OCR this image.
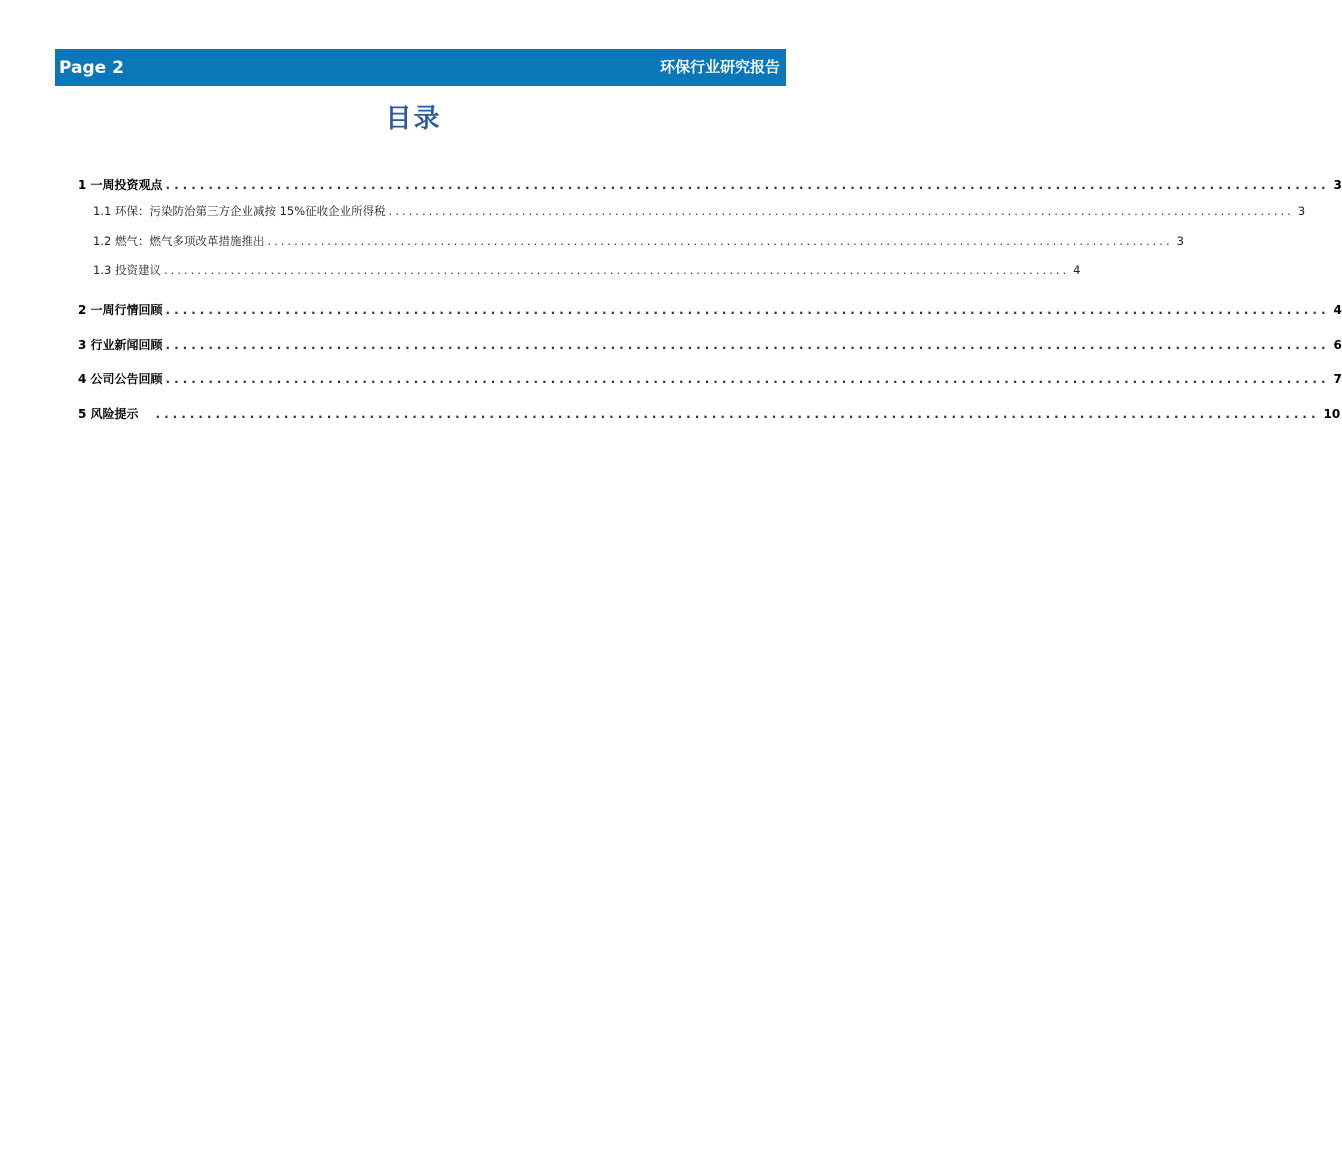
Page 2	环保行业研究报告
目录
1 一周投资观点 ........................................................................................................................................ 3
1.1 环保：污染防治第三方企业减按 15%征收企业所得税 ........................................................................................................................................ 3
1.2 燃气：燃气多项改革措施推出 ........................................................................................................................................ 3
1.3 投资建议 ........................................................................................................................................ 4
2 一周行情回顾 ........................................................................................................................................ 4
3 行业新闻回顾 ........................................................................................................................................ 6
4 公司公告回顾 ........................................................................................................................................ 7
5 风险提示 ........................................................................................................................................ 10
